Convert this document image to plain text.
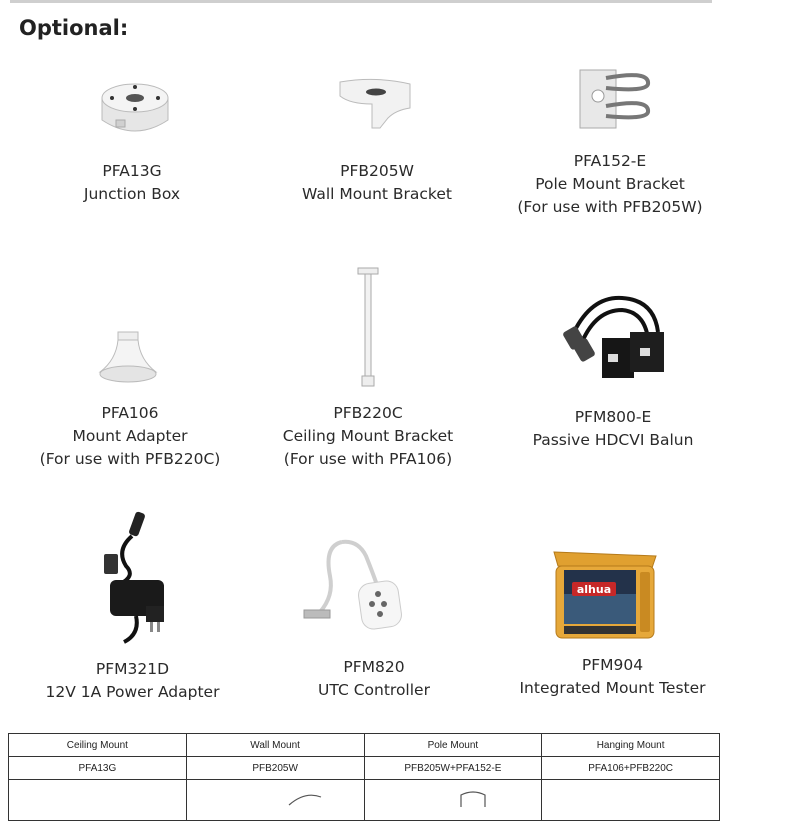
Optional:
PFA13G
Junction Box
PFB205W
Wall Mount Bracket
PFA152-E
Pole Mount Bracket
(For use with PFB205W)
PFA106
Mount Adapter
(For use with PFB220C)
PFB220C
Ceiling Mount Bracket
(For use with PFA106)
PFM800-E
Passive HDCVI Balun
PFM321D
12V 1A Power Adapter
PFM820
UTC Controller
alhua
PFM904
Integrated Mount Tester
Ceiling Mount	Wall Mount	Pole Mount	Hanging Mount
PFA13G	PFB205W	PFB205W+PFA152-E	PFA106+PFB220C
